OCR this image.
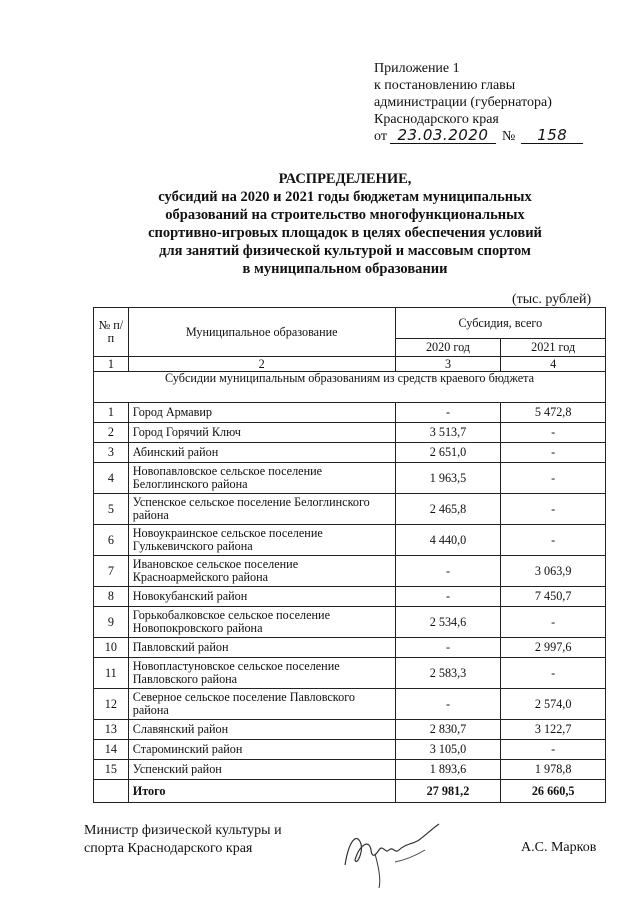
Приложение 1
к постановлению главы
администрации (губернатора)
Краснодарского края
от 23.03.2020 №	158
РАСПРЕДЕЛЕНИЕ,
субсидий на 2020 и 2021 годы бюджетам муниципальных
образований на строительство многофункциональных
спортивно-игровых площадок в целях обеспечения условий
для занятий физической культурой и массовым спортом
в муниципальном образовании
(тыс. рублей)
№ п/п	Муниципальное образование	Субсидия, всего	
		2020 год	2021 год
1	2	3	4
Субсидии муниципальным образованиям из средств краевого бюджета			
1	Город Армавир	-	5 472,8
2	Город Горячий Ключ	3 513,7	-
3	Абинский район	2 651,0	-
4	Новопавловское сельское поселение Белоглинского района	1 963,5	-
5	Успенское сельское поселение Белоглинского района	2 465,8	-
6	Новоукраинское сельское поселение Гулькевичского района	4 440,0	-
7	Ивановское сельское поселение Красноармейского района	-	3 063,9
8	Новокубанский район	-	7 450,7
9	Горькобалковское сельское поселение Новопокровского района	2 534,6	-
10	Павловский район	-	2 997,6
11	Новопластуновское сельское поселение Павловского района	2 583,3	-
12	Северное сельское поселение Павловского района	-	2 574,0
13	Славянский район	2 830,7	3 122,7
14	Староминский район	3 105,0	-
15	Успенский район	1 893,6	1 978,8
	Итого	27 981,2	26 660,5
Министр физической культуры и
спорта Краснодарского края	А.С. Марков
